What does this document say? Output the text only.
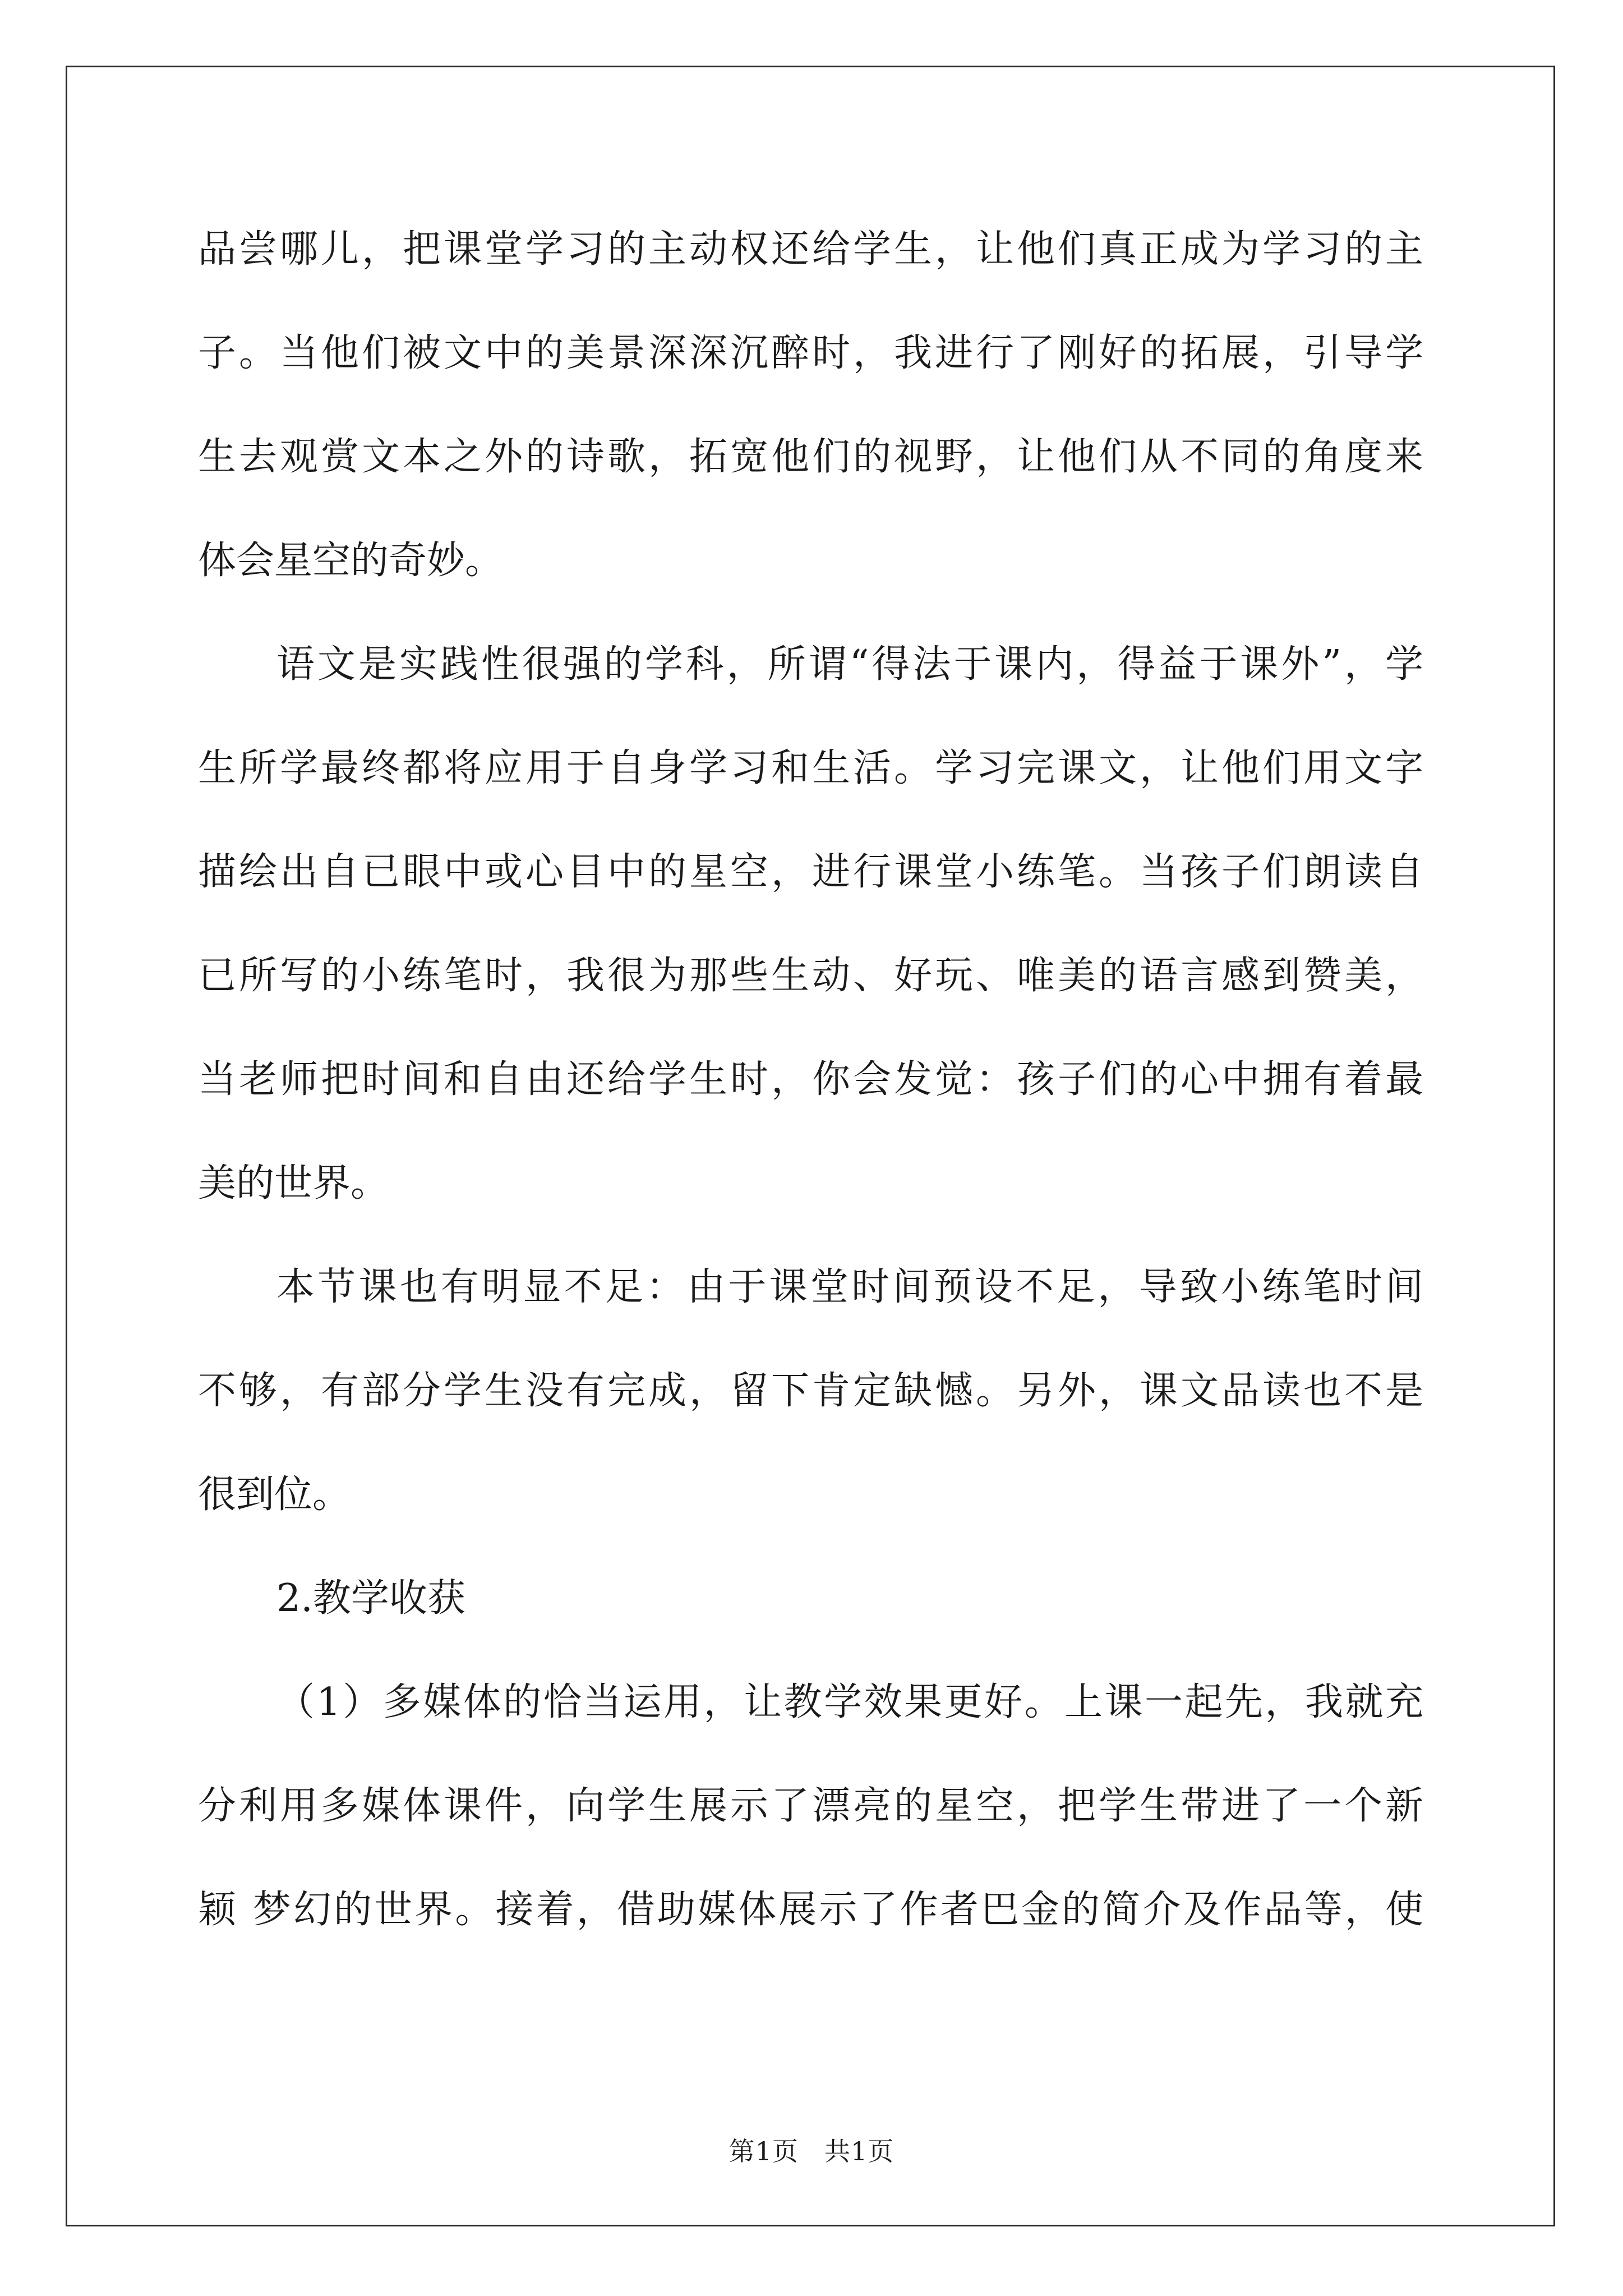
品尝哪儿，把课堂学习的主动权还给学生，让他们真正成为学习的主
子。当他们被文中的美景深深沉醉时，我进行了刚好的拓展，引导学
生去观赏文本之外的诗歌，拓宽他们的视野，让他们从不同的角度来
体会星空的奇妙。
语文是实践性很强的学科，所谓“得法于课内，得益于课外”，学
生所学最终都将应用于自身学习和生活。学习完课文，让他们用文字
描绘出自已眼中或心目中的星空，进行课堂小练笔。当孩子们朗读自
已所写的小练笔时，我很为那些生动、好玩、唯美的语言感到赞美，
当老师把时间和自由还给学生时，你会发觉：孩子们的心中拥有着最
美的世界。
本节课也有明显不足：由于课堂时间预设不足，导致小练笔时间
不够，有部分学生没有完成，留下肯定缺憾。另外，课文品读也不是
很到位。
2.教学收获
（1）多媒体的恰当运用，让教学效果更好。上课一起先，我就充
分利用多媒体课件，向学生展示了漂亮的星空，把学生带进了一个新
颖 梦幻的世界。接着，借助媒体展示了作者巴金的简介及作品等，使
第1页 共1页
